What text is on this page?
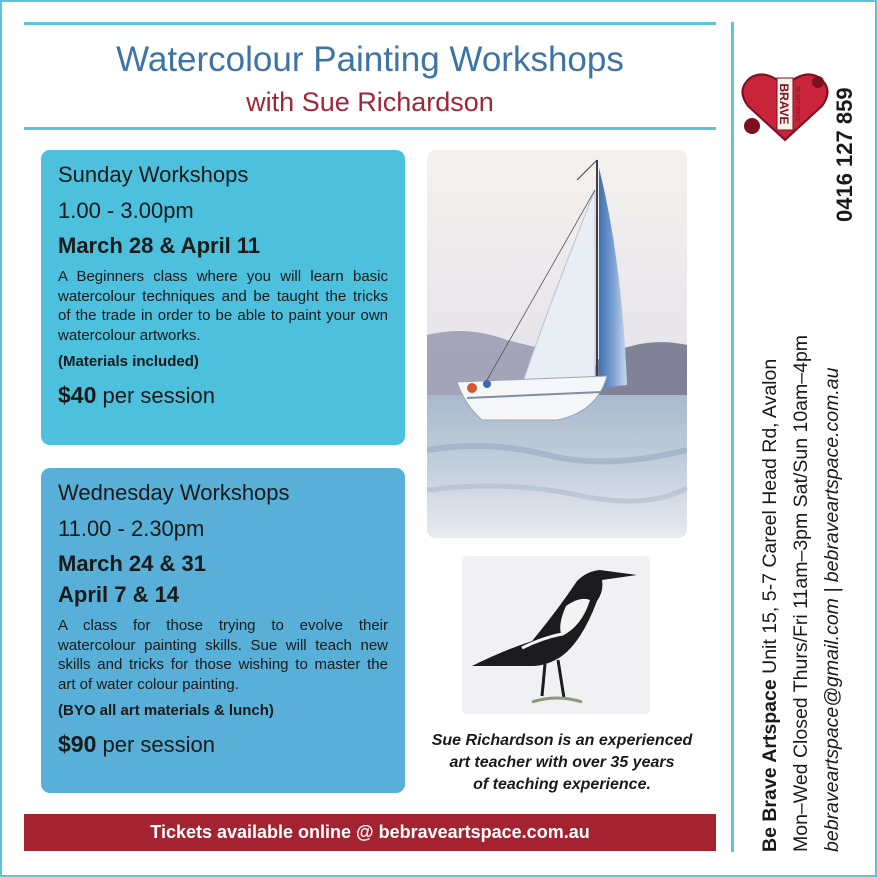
Watercolour Painting Workshops
with Sue Richardson
Sunday Workshops
1.00 - 3.00pm
March 28 & April 11
A Beginners class where you will learn basic watercolour techniques and be taught the tricks of the trade in order to be able to paint your own watercolour artworks.
(Materials included)
$40 per session
Wednesday Workshops
11.00 - 2.30pm
March 24 & 31
April 7 & 14
A class for those trying to evolve their watercolour painting skills. Sue will teach new skills and tricks for those wishing to master the art of water colour painting.
(BYO all art materials & lunch)
$90 per session	Sue Richardson is an experienced
art teacher with over 35 years
of teaching experience.
Tickets available online @ bebraveartspace.com.au	Be Brave Artspace Unit 15, 5-7 Careel Head Rd, Avalon
Mon–Wed Closed Thurs/Fri 11am–3pm Sat/Sun 10am–4pm bebraveartspace@gmail.com | bebraveartspace.com.au
0416 127 859
BRAVE BE ART SPACE
